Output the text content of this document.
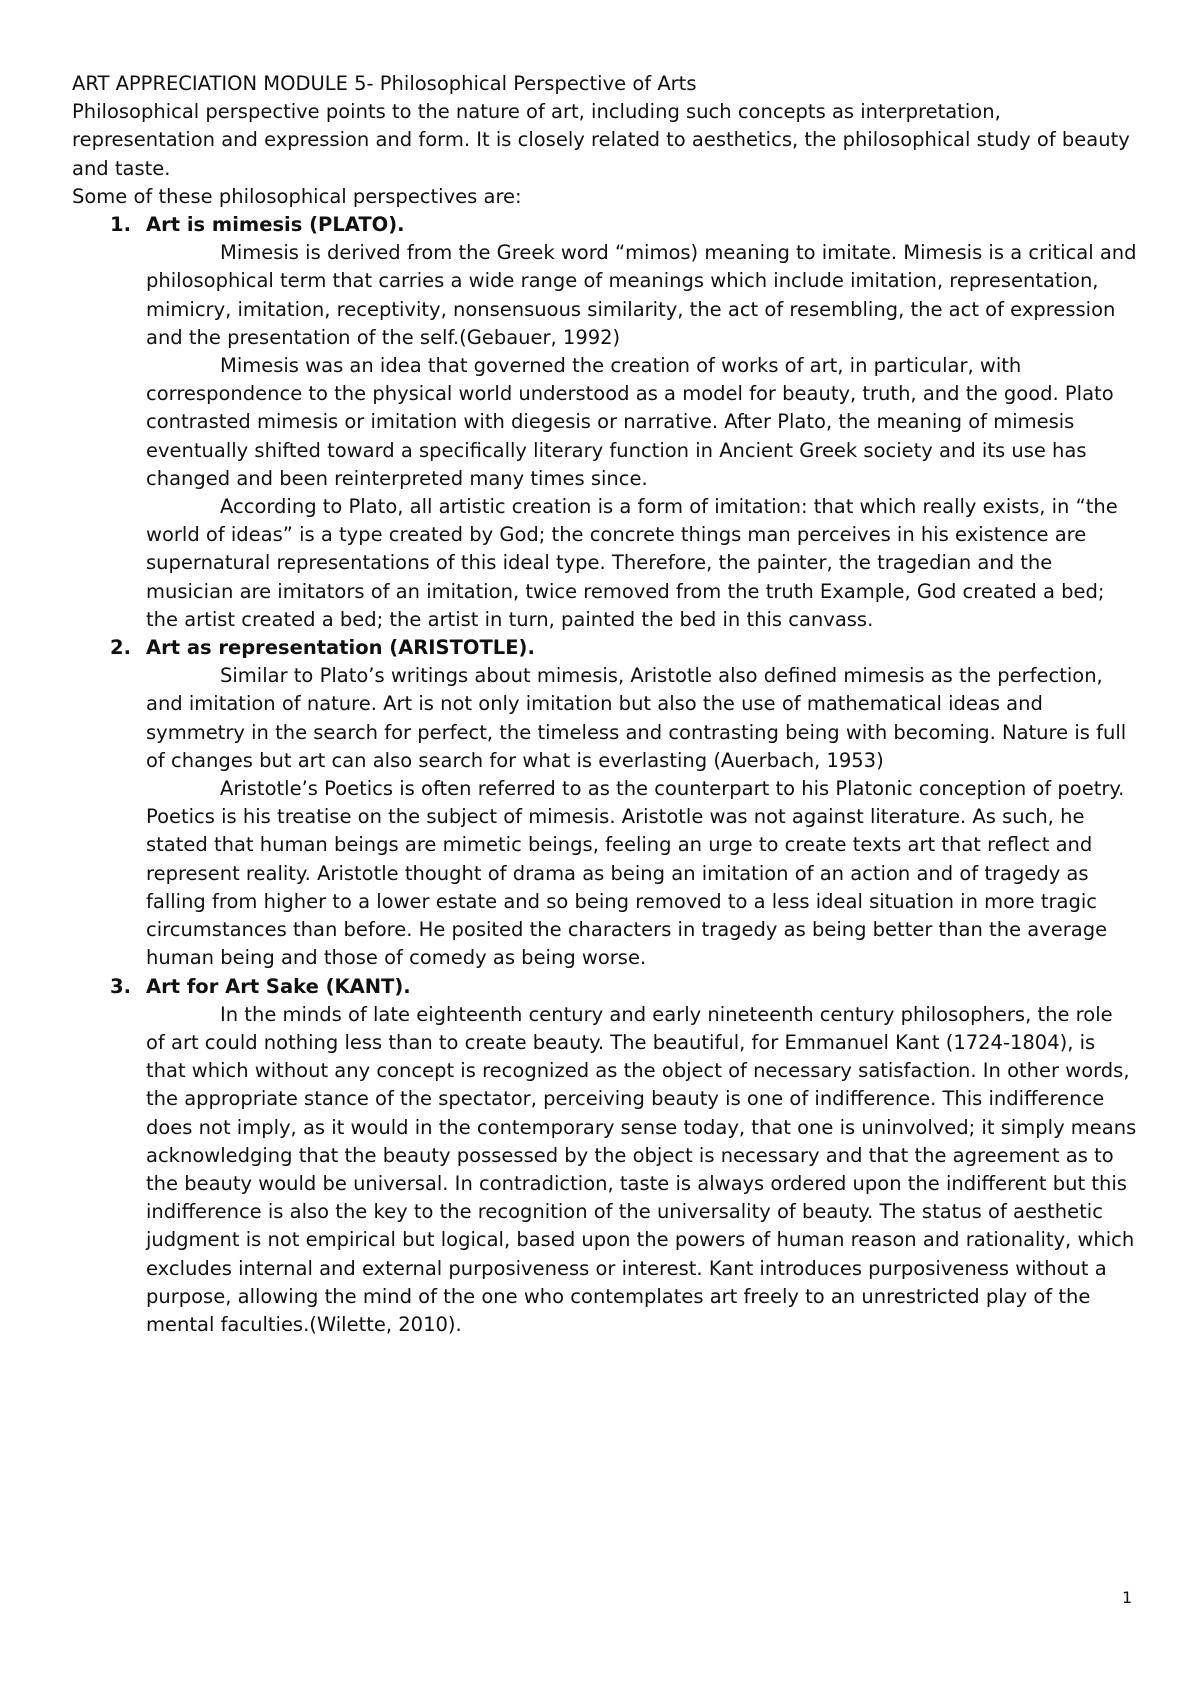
ART APPRECIATION MODULE 5- Philosophical Perspective of Arts

Philosophical perspective points to the nature of art, including such concepts as interpretation,

representation and expression and form. It is closely related to aesthetics, the philosophical study of beauty and taste.

Some of these philosophical perspectives are:

1. Art is mimesis (PLATO).

Mimesis is derived from the Greek word “mimos) meaning to imitate. Mimesis is a critical and philosophical term that carries a wide range of meanings which include imitation, representation, mimicry, imitation, receptivity, nonsensuous similarity, the act of resembling, the act of expression and the presentation of the self.(Gebauer, 1992)

Mimesis was an idea that governed the creation of works of art, in particular, with correspondence to the physical world understood as a model for beauty, truth, and the good. Plato contrasted mimesis or imitation with diegesis or narrative. After Plato, the meaning of mimesis eventually shifted toward a specifically literary function in Ancient Greek society and its use has changed and been reinterpreted many times since.

According to Plato, all artistic creation is a form of imitation: that which really exists, in “the world of ideas” is a type created by God; the concrete things man perceives in his existence are supernatural representations of this ideal type. Therefore, the painter, the tragedian and the musician are imitators of an imitation, twice removed from the truth Example, God created a bed; the artist created a bed; the artist in turn, painted the bed in this canvass.

2. Art as representation (ARISTOTLE).

Similar to Plato’s writings about mimesis, Aristotle also defined mimesis as the perfection, and imitation of nature. Art is not only imitation but also the use of mathematical ideas and symmetry in the search for perfect, the timeless and contrasting being with becoming. Nature is full of changes but art can also search for what is everlasting (Auerbach, 1953)

Aristotle’s Poetics is often referred to as the counterpart to his Platonic conception of poetry. Poetics is his treatise on the subject of mimesis. Aristotle was not against literature. As such, he stated that human beings are mimetic beings, feeling an urge to create texts art that reflect and represent reality. Aristotle thought of drama as being an imitation of an action and of tragedy as falling from higher to a lower estate and so being removed to a less ideal situation in more tragic circumstances than before. He posited the characters in tragedy as being better than the average human being and those of comedy as being worse.

3. Art for Art Sake (KANT).

In the minds of late eighteenth century and early nineteenth century philosophers, the role of art could nothing less than to create beauty. The beautiful, for Emmanuel Kant (1724-1804), is that which without any concept is recognized as the object of necessary satisfaction. In other words, the appropriate stance of the spectator, perceiving beauty is one of indifference. This indifference does not imply, as it would in the contemporary sense today, that one is uninvolved; it simply means acknowledging that the beauty possessed by the object is necessary and that the agreement as to the beauty would be universal. In contradiction, taste is always ordered upon the indifferent but this indifference is also the key to the recognition of the universality of beauty. The status of aesthetic judgment is not empirical but logical, based upon the powers of human reason and rationality, which excludes internal and external purposiveness or interest. Kant introduces purposiveness without a purpose, allowing the mind of the one who contemplates art freely to an unrestricted play of the mental faculties.(Wilette, 2010).

1
